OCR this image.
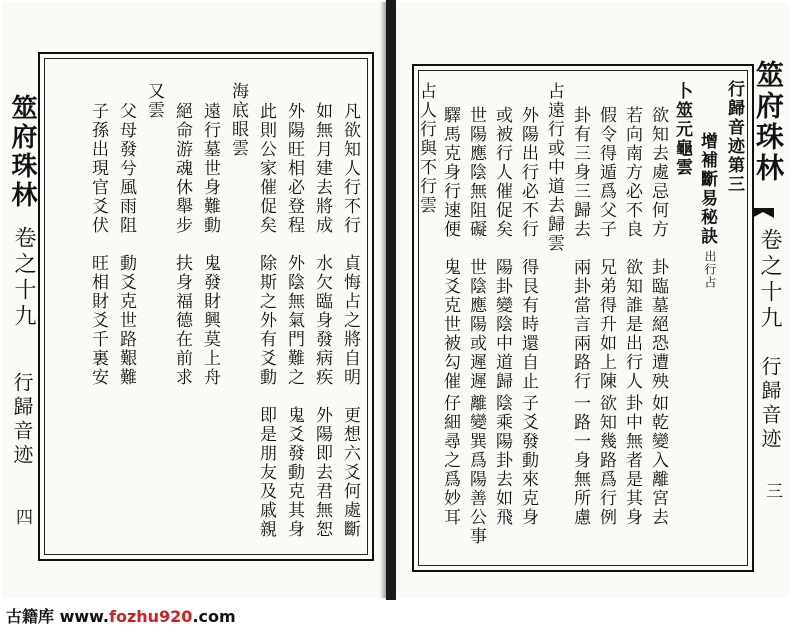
筮府珠林
卷之十九
行歸音迹
四	凡欲知人行不行　貞悔占之將自明　更想六爻何處斷
如無月建去將成　水欠臨身發病疾　外陽即去君無恕
外陽旺相必登程　外陰無氣門難之　鬼爻發動克其身
此則公家催促矣　除斯之外有爻動　即是朋友及戚親
海底眼雲
遠行墓世身難動　鬼發財興莫上舟
絕命游魂休舉步　扶身福德在前求
又雲
父母發兮風雨阻　動爻克世路艱難
子孫出現官爻伏　旺相財爻千裏安	筮府珠林
卷之十九
行歸音迹
三
行歸音迹第三
增補斷易秘訣
出行占
卜筮元龜雲
欲知去處忌何方　卦臨墓絕恐遭殃
若向南方必不良　欲知誰是出行人
假令得遁爲父子　兄弟得升如上陳
卦有三身三歸去　兩卦當言兩路行
占遠行或中道去歸雲
外陽出行必不行　得艮有時還自止
或被行人催促矣　陽卦變陰中道歸
世陽應陰無阻礙　世陰應陽或遲遲
驛馬克身行速便　鬼爻克世被勾催
占人行與不行雲
如乾變入離宮去
卦中無者是其身
欲知幾路爲行例
一路一身無所慮
子爻發動來克身
陰乘陽卦去如飛
離變巽爲陽善公事
仔細尋之爲妙耳
古籍库 www.fozhu920.com
